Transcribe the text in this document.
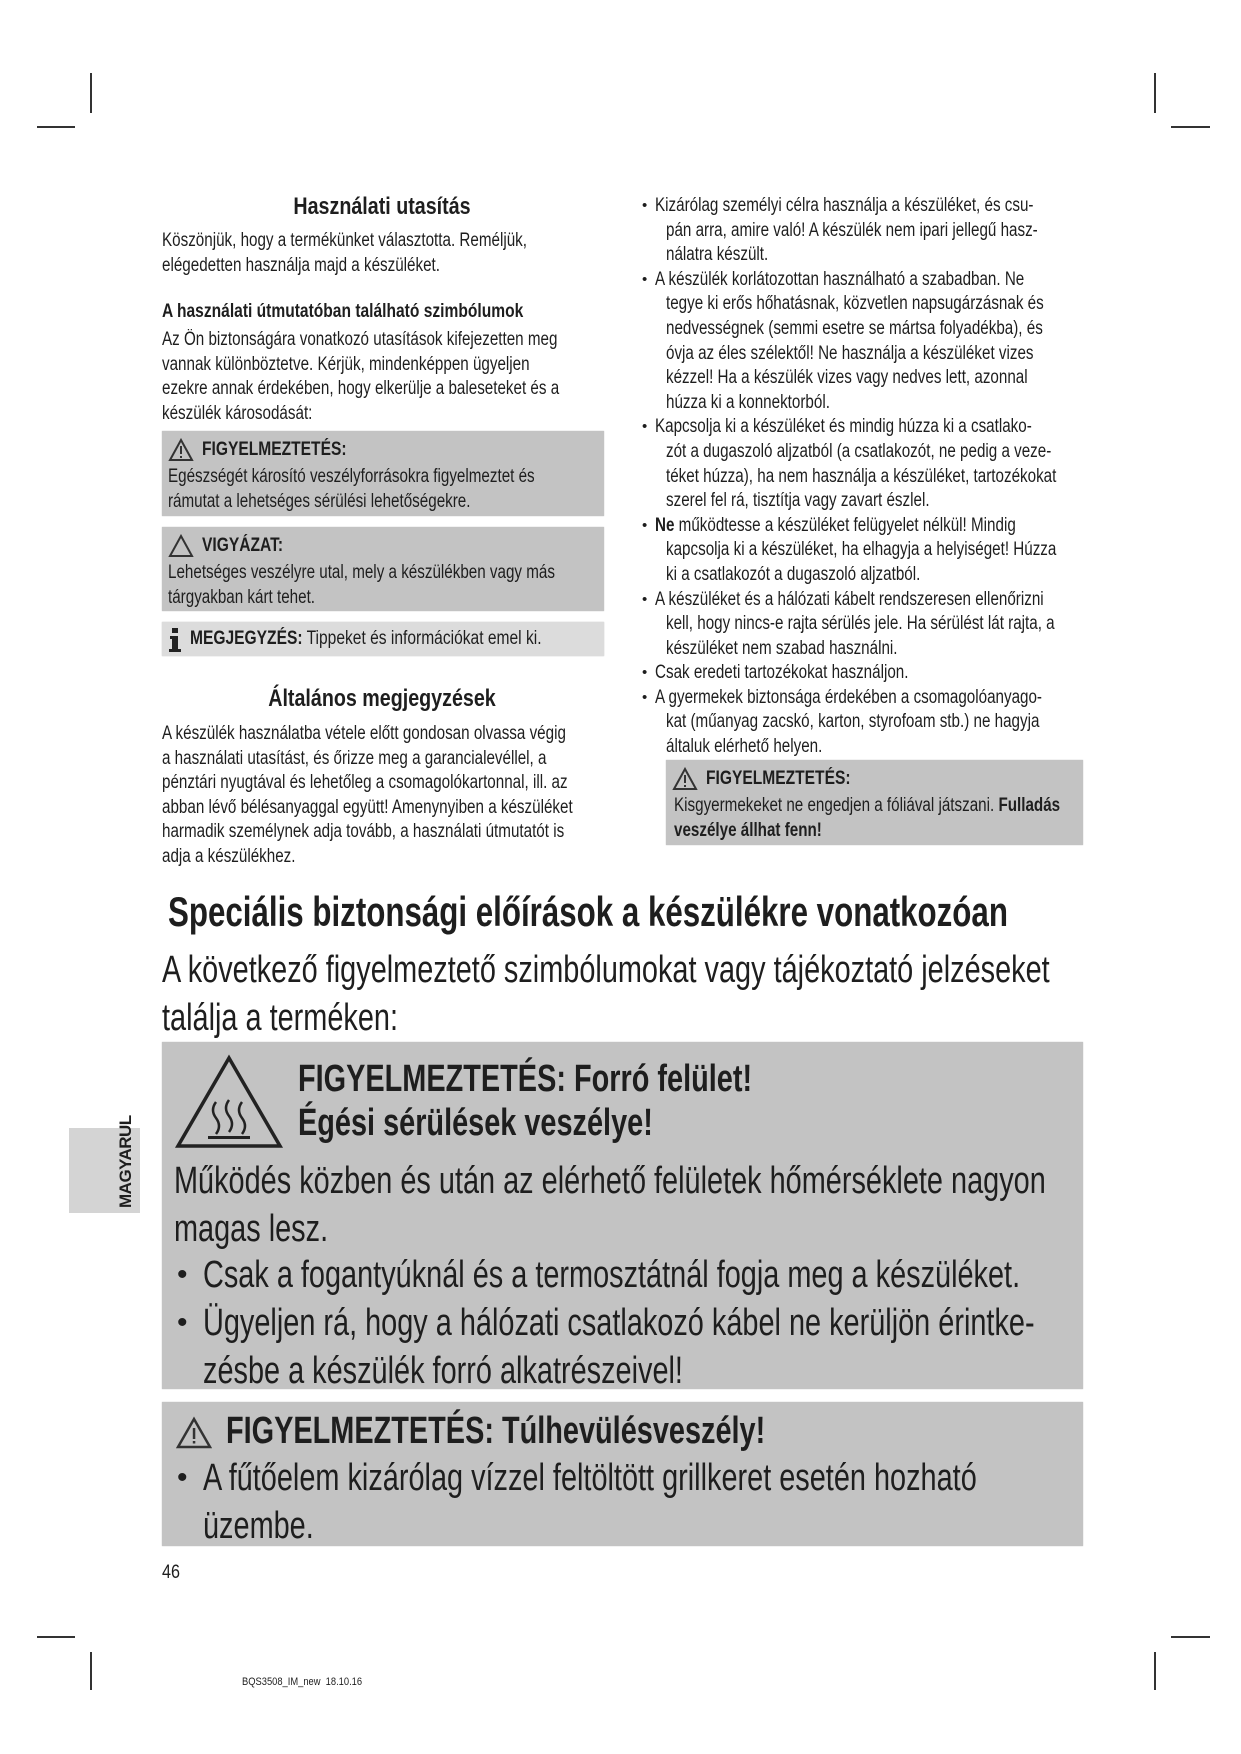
Használati utasítás
Köszönjük, hogy a termékünket választotta. Reméljük,
elégedetten használja majd a készüléket.
A használati útmutatóban található szimbólumok
Az Ön biztonságára vonatkozó utasítások kifejezetten meg
vannak különböztetve. Kérjük, mindenképpen ügyeljen
ezekre annak érdekében, hogy elkerülje a baleseteket és a
készülék károsodását:
FIGYELMEZTETÉS:
Egészségét károsító veszélyforrásokra figyelmeztet és
rámutat a lehetséges sérülési lehetőségekre.
VIGYÁZAT:
Lehetséges veszélyre utal, mely a készülékben vagy más
tárgyakban kárt tehet.
MEGJEGYZÉS: Tippeket és információkat emel ki.
Általános megjegyzések
A készülék használatba vétele előtt gondosan olvassa végig
a használati utasítást, és őrizze meg a garancialevéllel, a
pénztári nyugtával és lehetőleg a csomagolókartonnal, ill. az
abban lévő bélésanyaggal együtt! Amenynyiben a készüléket
harmadik személynek adja tovább, a használati útmutatót is
adja a készülékhez.
Kizárólag személyi célra használja a készüléket, és csu-
pán arra, amire való! A készülék nem ipari jellegű hasz-
nálatra készült.
•
A készülék korlátozottan használható a szabadban. Ne
tegye ki erős hőhatásnak, közvetlen napsugárzásnak és
nedvességnek (semmi esetre se mártsa folyadékba), és
óvja az éles szélektől! Ne használja a készüléket vizes
kézzel! Ha a készülék vizes vagy nedves lett, azonnal
húzza ki a konnektorból.
•
Kapcsolja ki a készüléket és mindig húzza ki a csatlako-
zót a dugaszoló aljzatból (a csatlakozót, ne pedig a veze-
téket húzza), ha nem használja a készüléket, tartozékokat
szerel fel rá, tisztítja vagy zavart észlel.
•
Ne működtesse a készüléket felügyelet nélkül! Mindig
kapcsolja ki a készüléket, ha elhagyja a helyiséget! Húzza
ki a csatlakozót a dugaszoló aljzatból.
•
A készüléket és a hálózati kábelt rendszeresen ellenőrizni
kell, hogy nincs-e rajta sérülés jele. Ha sérülést lát rajta, a
készüléket nem szabad használni.
•
Csak eredeti tartozékokat használjon.
•
A gyermekek biztonsága érdekében a csomagolóanyago-
kat (műanyag zacskó, karton, styrofoam stb.) ne hagyja
általuk elérhető helyen.
•
FIGYELMEZTETÉS:
Kisgyermekeket ne engedjen a fóliával játszani. Fulladás
veszélye állhat fenn!
Speciális biztonsági előírások a készülékre vonatkozóan
A következő figyelmeztető szimbólumokat vagy tájékoztató jelzéseket
találja a terméken:
FIGYELMEZTETÉS: Forró felület!
Égési sérülések veszélye!
Működés közben és után az elérhető felületek hőmérséklete nagyon
magas lesz.
Csak a fogantyúknál és a termosztátnál fogja meg a készüléket.
•
Ügyeljen rá, hogy a hálózati csatlakozó kábel ne kerüljön érintke-
zésbe a készülék forró alkatrészeivel!
•
FIGYELMEZTETÉS: Túlhevülésveszély!
A fűtőelem kizárólag vízzel feltöltött grillkeret esetén hozható
üzembe.
•
MAGYARUL
46
BQS3508_IM_new  18.10.16
